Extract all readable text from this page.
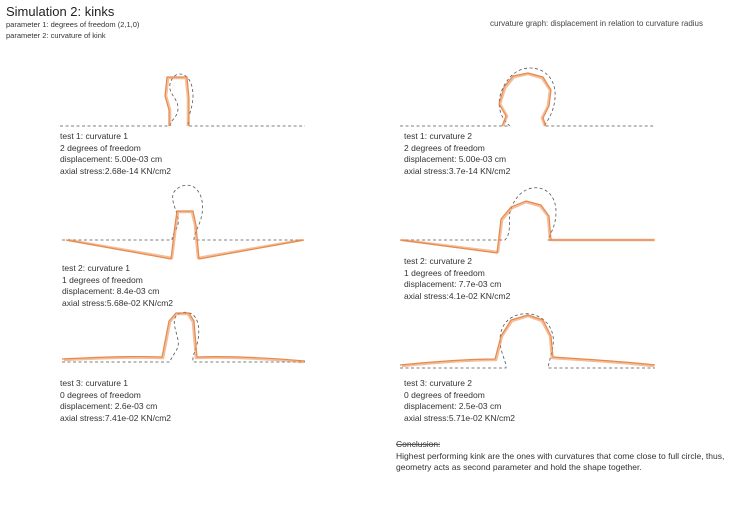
Simulation 2: kinks
parameter 1: degrees of freedom (2,1,0)
parameter 2: curvature of kink
curvature graph: displacement in relation to curvature radius
test 1: curvature 1
2 degrees of freedom
displacement: 5.00e-03 cm
axial stress:2.68e-14 KN/cm2
test 1: curvature 2
2 degrees of freedom
displacement: 5.00e-03 cm
axial stress:3.7e-14 KN/cm2
test 2: curvature 1
1 degrees of freedom
displacement: 8.4e-03 cm
axial stress:5.68e-02 KN/cm2
test 2: curvature 2
1 degrees of freedom
displacement: 7.7e-03 cm
axial stress:4.1e-02 KN/cm2
test 3: curvature 1
0 degrees of freedom
displacement: 2.6e-03 cm
axial stress:7.41e-02 KN/cm2
test 3: curvature 2
0 degrees of freedom
displacement: 2.5e-03 cm
axial stress:5.71e-02 KN/cm2
Conclusion:
Highest performing kink are the ones with curvatures that come close to full circle, thus,
geometry acts as second parameter and hold the shape together.
